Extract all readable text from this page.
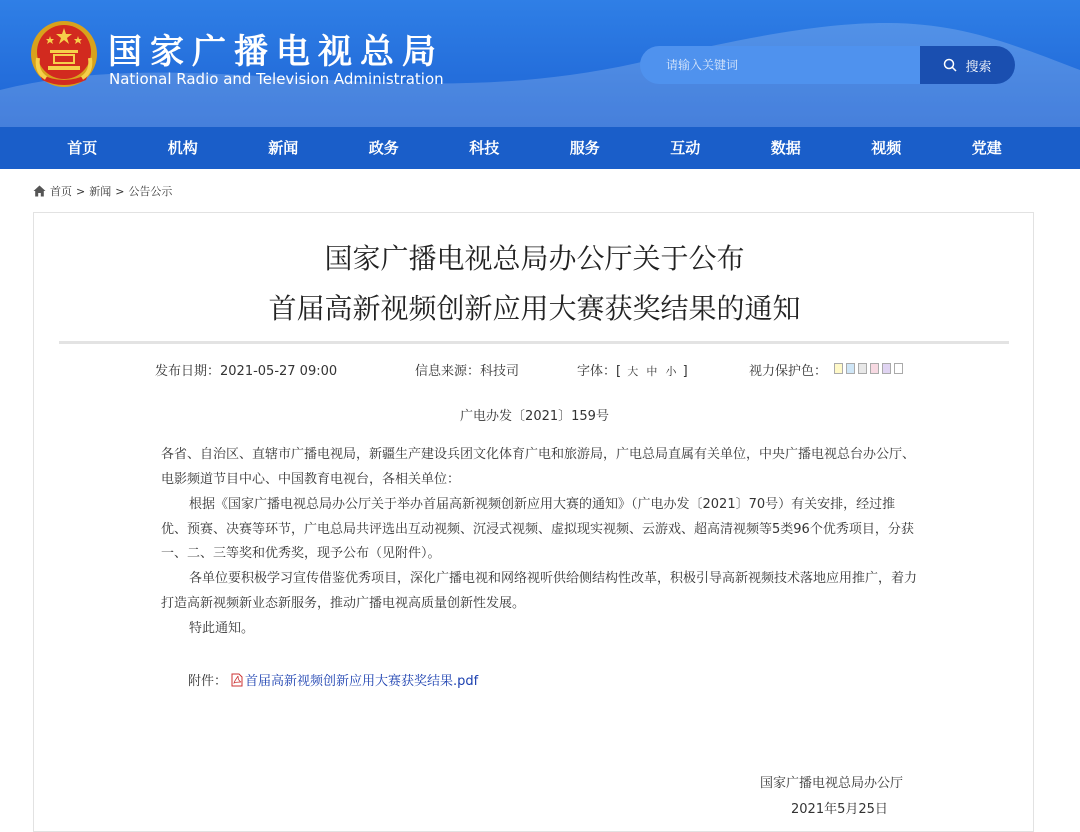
国家广播电视总局
National Radio and Television Administration
请输入关键词
搜索
首页	机构	新闻	政务	科技	服务	互动	数据	视频	党建
首页 > 新闻 > 公告公示
国家广播电视总局办公厅关于公布
首届高新视频创新应用大赛获奖结果的通知
发布日期：2021-05-27 09:00	信息来源：科技司	字体：[ 大 中 小 ]	视力保护色：
广电办发〔2021〕159号

各省、自治区、直辖市广播电视局，新疆生产建设兵团文化体育广电和旅游局，广电总局直属有关单位，中央广播电视总台办公厅、电影频道节目中心、中国教育电视台，各相关单位：

根据《国家广播电视总局办公厅关于举办首届高新视频创新应用大赛的通知》（广电办发〔2021〕70号）有关安排，经过推优、预赛、决赛等环节，广电总局共评选出互动视频、沉浸式视频、虚拟现实视频、云游戏、超高清视频等5类96个优秀项目，分获一、二、三等奖和优秀奖，现予公布（见附件）。

各单位要积极学习宣传借鉴优秀项目，深化广播电视和网络视听供给侧结构性改革，积极引导高新视频技术落地应用推广，着力打造高新视频新业态新服务，推动广播电视高质量创新性发展。

特此通知。

附件： 首届高新视频创新应用大赛获奖结果.pdf
国家广播电视总局办公厅
2021年5月25日
